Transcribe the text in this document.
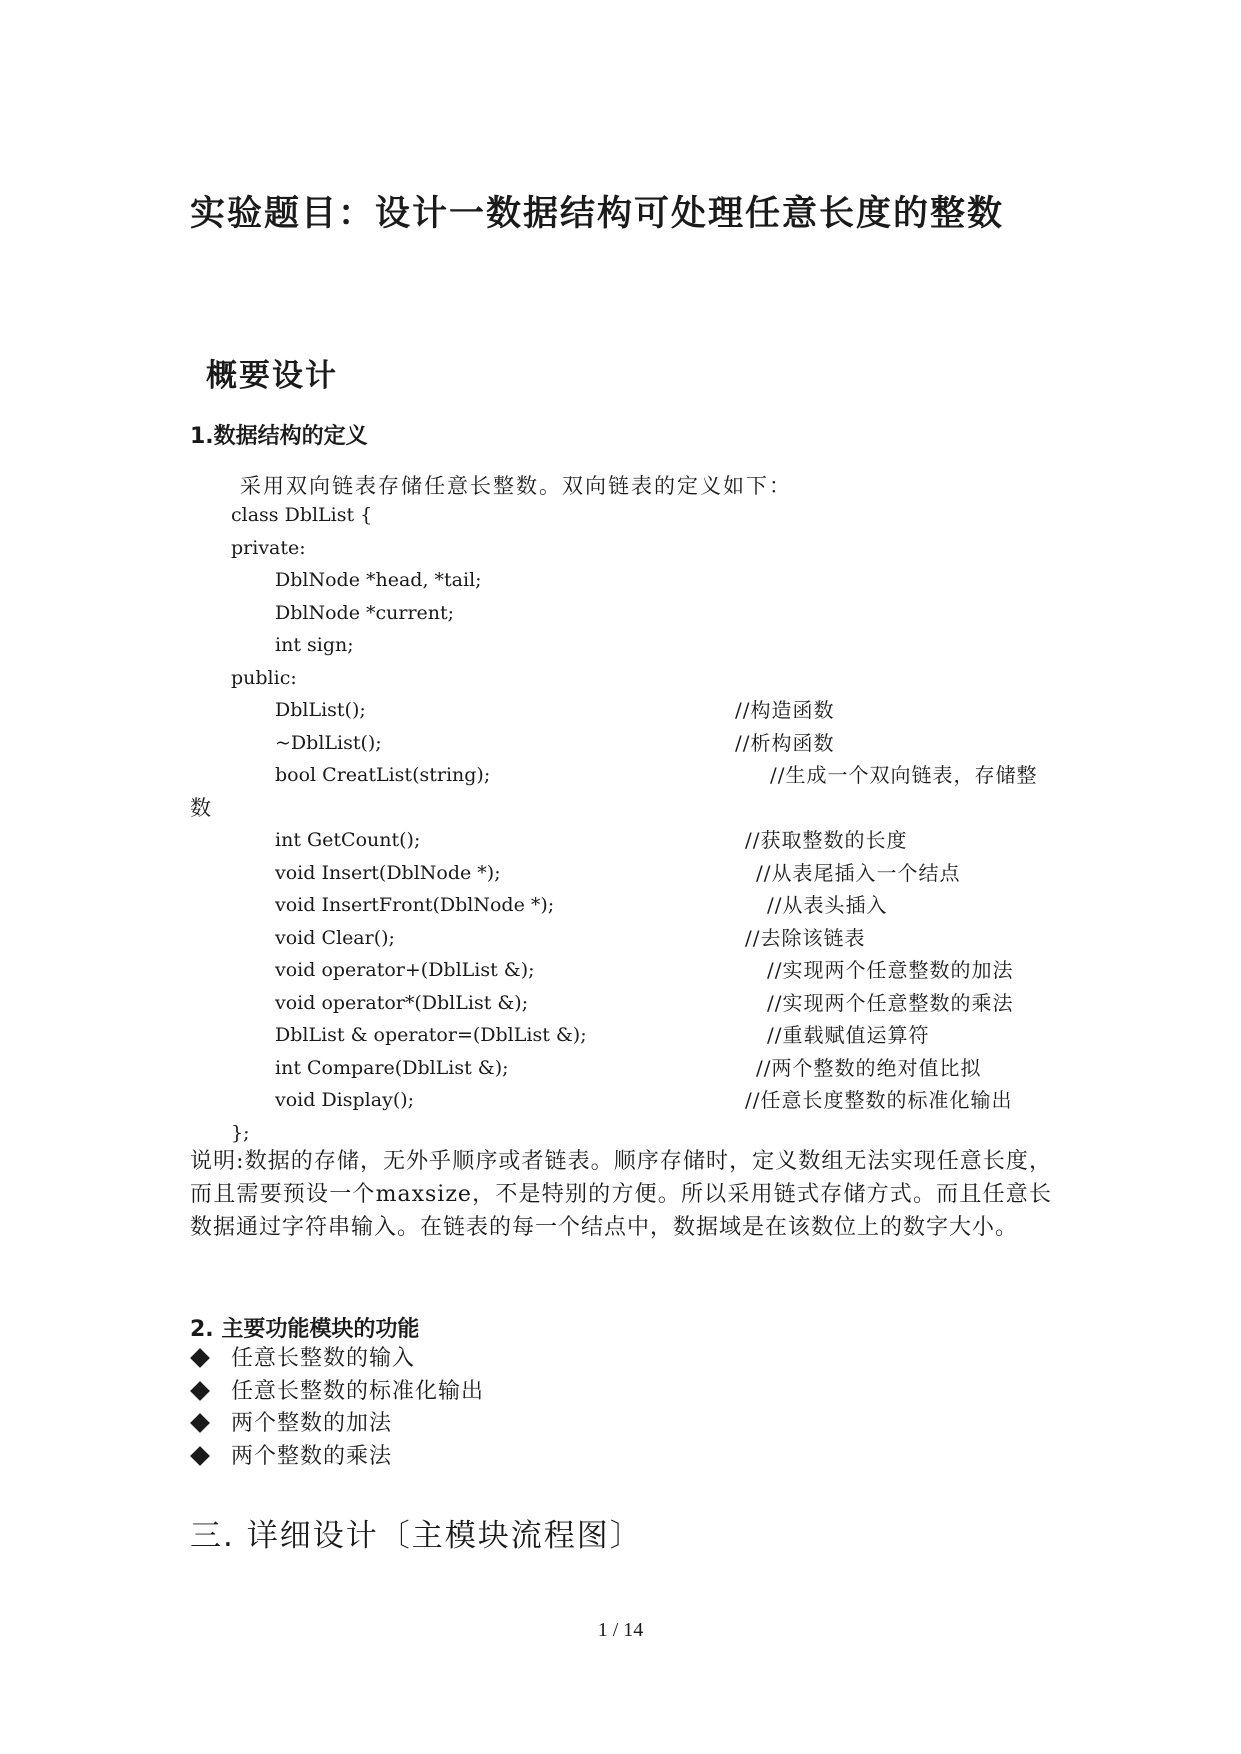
实验题目：设计一数据结构可处理任意长度的整数
概要设计
1.数据结构的定义
采用双向链表存储任意长整数。双向链表的定义如下：
class DblList {
private:
DblNode *head, *tail;
DblNode *current;
int sign;
public:
DblList();	//构造函数
~DblList();	//析构函数
bool CreatList(string);	//生成一个双向链表，存储整
数
int GetCount();	//获取整数的长度
void Insert(DblNode *);	//从表尾插入一个结点
void InsertFront(DblNode *);	//从表头插入
void Clear();	//去除该链表
void operator+(DblList &);	//实现两个任意整数的加法
void operator*(DblList &);	//实现两个任意整数的乘法
DblList & operator=(DblList &);	//重载赋值运算符
int Compare(DblList &);	//两个整数的绝对值比拟
void Display();	//任意长度整数的标准化输出
};
说明:数据的存储，无外乎顺序或者链表。顺序存储时，定义数组无法实现任意长度，而且需要预设一个maxsize，不是特别的方便。所以采用链式存储方式。而且任意长数据通过字符串输入。在链表的每一个结点中，数据域是在该数位上的数字大小。
2. 主要功能模块的功能
任意长整数的输入
任意长整数的标准化输出
两个整数的加法
两个整数的乘法
三. 详细设计〔主模块流程图〕
1 / 14
